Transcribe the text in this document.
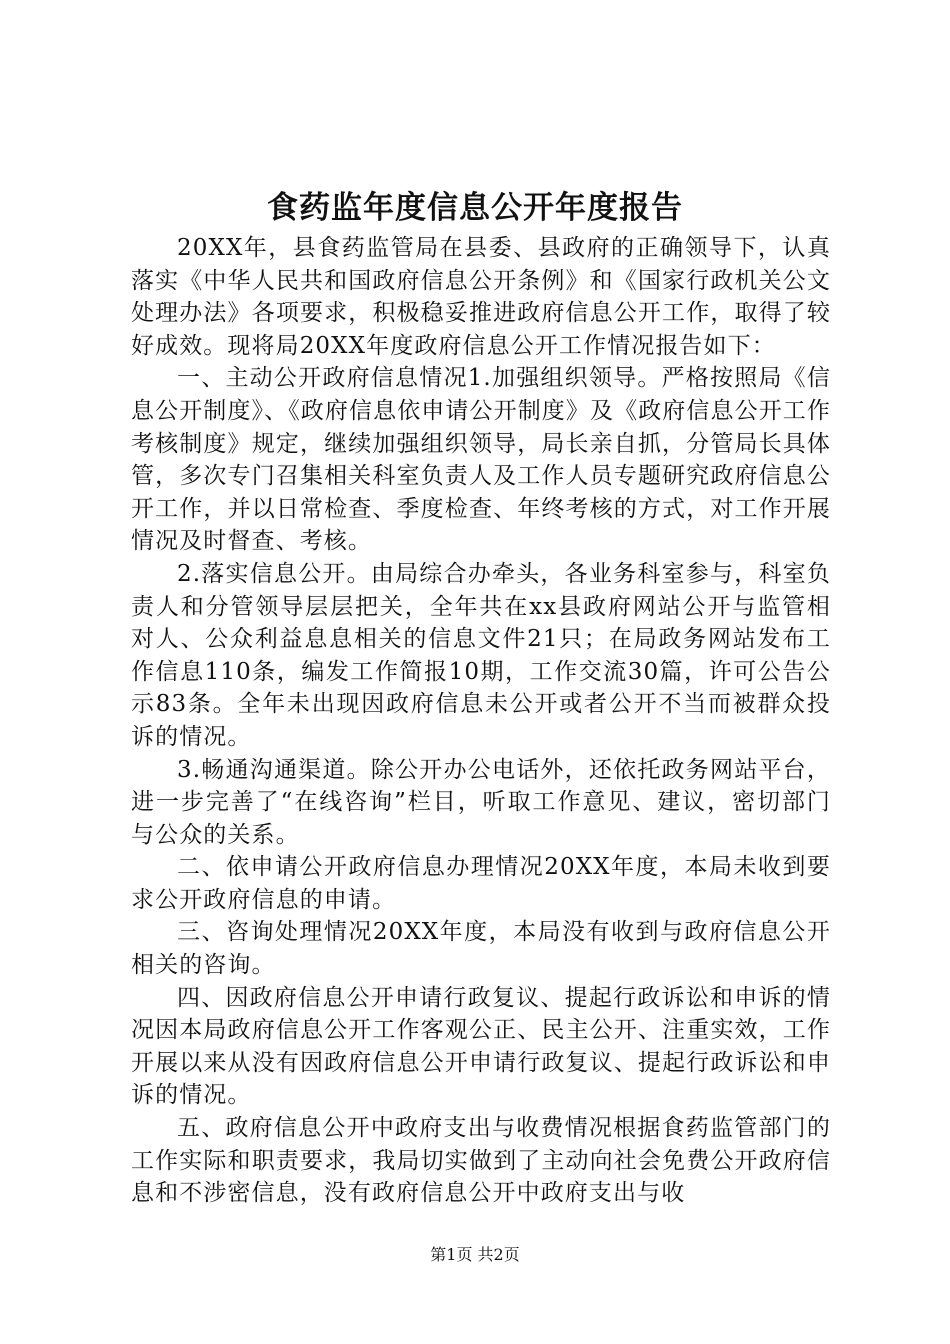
食药监年度信息公开年度报告

20XX年，县食药监管局在县委、县政府的正确领导下，认真落实《中华人民共和国政府信息公开条例》和《国家行政机关公文处理办法》各项要求，积极稳妥推进政府信息公开工作，取得了较好成效。现将局20XX年度政府信息公开工作情况报告如下：

一、主动公开政府信息情况1.加强组织领导。严格按照局《信息公开制度》、《政府信息依申请公开制度》及《政府信息公开工作考核制度》规定，继续加强组织领导，局长亲自抓，分管局长具体管，多次专门召集相关科室负责人及工作人员专题研究政府信息公开工作，并以日常检查、季度检查、年终考核的方式，对工作开展情况及时督查、考核。

2.落实信息公开。由局综合办牵头，各业务科室参与，科室负责人和分管领导层层把关，全年共在xx县政府网站公开与监管相对人、公众利益息息相关的信息文件21只；在局政务网站发布工作信息110条，编发工作简报10期，工作交流30篇，许可公告公示83条。全年未出现因政府信息未公开或者公开不当而被群众投诉的情况。

3.畅通沟通渠道。除公开办公电话外，还依托政务网站平台，进一步完善了“在线咨询”栏目，听取工作意见、建议，密切部门与公众的关系。

二、依申请公开政府信息办理情况20XX年度，本局未收到要求公开政府信息的申请。

三、咨询处理情况20XX年度，本局没有收到与政府信息公开相关的咨询。

四、因政府信息公开申请行政复议、提起行政诉讼和申诉的情况因本局政府信息公开工作客观公正、民主公开、注重实效，工作开展以来从没有因政府信息公开申请行政复议、提起行政诉讼和申诉的情况。

五、政府信息公开中政府支出与收费情况根据食药监管部门的工作实际和职责要求，我局切实做到了主动向社会免费公开政府信息和不涉密信息，没有政府信息公开中政府支出与收

第1页 共2页
